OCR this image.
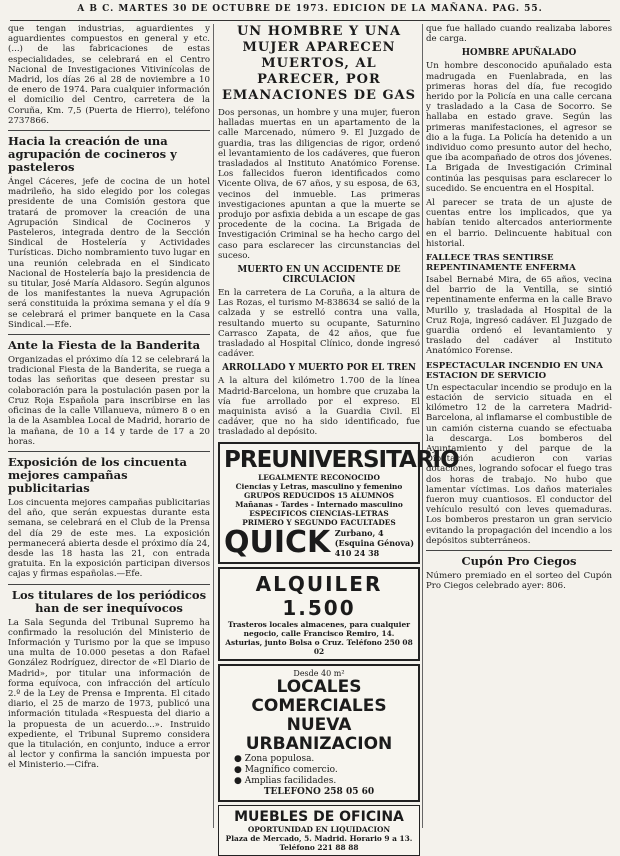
A B C. MARTES 30 DE OCTUBRE DE 1973. EDICION DE LA MAÑANA. PAG. 55.

que tengan industrias, aguardientes y aguardientes compuestos en general y etc. (...) de las fabricaciones de estas especialidades, se celebrará en el Centro Nacional de Investigaciones Vitivinícolas de Madrid, los días 26 al 28 de noviembre a 10 de enero de 1974. Para cualquier información el domicilio del Centro, carretera de la Coruña, Km. 7,5 (Puerta de Hierro), teléfono 2737866.

Hacia la creación de una agrupación de cocineros y pasteleros

Ángel Cáceres, jefe de cocina de un hotel madrileño, ha sido elegido por los colegas presidente de una Comisión gestora que tratará de promover la creación de una Agrupación Sindical de Cocineros y Pasteleros, integrada dentro de la Sección Sindical de Hostelería y Actividades Turísticas. Dicho nombramiento tuvo lugar en una reunión celebrada en el Sindicato Nacional de Hostelería bajo la presidencia de su titular, José María Aldasoro. Según algunos de los manifestantes la nueva Agrupación será constituida la próxima semana y el día 9 se celebrará el primer banquete en la Casa Sindical.—Efe.

Ante la Fiesta de la Banderita

Organizadas el próximo día 12 se celebrará la tradicional Fiesta de la Banderita, se ruega a todas las señoritas que deseen prestar su colaboración para la postulación pasen por la Cruz Roja Española para inscribirse en las oficinas de la calle Villanueva, número 8 o en la de la Asamblea Local de Madrid, horario de la mañana, de 10 a 14 y tarde de 17 a 20 horas.

Exposición de los cincuenta mejores campañas publicitarias

Los cincuenta mejores campañas publicitarias del año, que serán expuestas durante esta semana, se celebrará en el Club de la Prensa del día 29 de este mes. La exposición permanecerá abierta desde el próximo día 24, desde las 18 hasta las 21, con entrada gratuita. En la exposición participan diversos cajas y firmas españolas.—Efe.

Los titulares de los periódicos han de ser inequívocos

La Sala Segunda del Tribunal Supremo ha confirmado la resolución del Ministerio de Información y Turismo por la que se impuso una multa de 10.000 pesetas a don Rafael González Rodríguez, director de «El Diario de Madrid», por titular una información de forma equívoca, con infracción del artículo 2.º de la Ley de Prensa e Imprenta. El citado diario, el 25 de marzo de 1973, publicó una información titulada «Respuesta del diario a la propuesta de un acuerdo...». Instruido expediente, el Tribunal Supremo considera que la titulación, en conjunto, induce a error al lector y confirma la sanción impuesta por el Ministerio.—Cifra.

UN HOMBRE Y UNA MUJER APARECEN MUERTOS, AL PARECER, POR EMANACIONES DE GAS

Dos personas, un hombre y una mujer, fueron halladas muertas en un apartamento de la calle Marcenado, número 9. El Juzgado de guardia, tras las diligencias de rigor, ordenó el levantamiento de los cadáveres, que fueron trasladados al Instituto Anatómico Forense. Los fallecidos fueron identificados como Vicente Oliva, de 67 años, y su esposa, de 63, vecinos del inmueble. Las primeras investigaciones apuntan a que la muerte se produjo por asfixia debida a un escape de gas procedente de la cocina. La Brigada de Investigación Criminal se ha hecho cargo del caso para esclarecer las circunstancias del suceso.

MUERTO EN UN ACCIDENTE DE CIRCULACION

En la carretera de La Coruña, a la altura de Las Rozas, el turismo M-838634 se salió de la calzada y se estrelló contra una valla, resultando muerto su ocupante, Saturnino Carrasco Zapata, de 42 años, que fue trasladado al Hospital Clínico, donde ingresó cadáver.

ARROLLADO Y MUERTO POR EL TREN

A la altura del kilómetro 1.700 de la línea Madrid-Barcelona, un hombre que cruzaba la vía fue arrollado por el expreso. El maquinista avisó a la Guardia Civil. El cadáver, que no ha sido identificado, fue trasladado al depósito.

PREUNIVERSITARIO
LEGALMENTE RECONOCIDO
Ciencias y Letras, masculino y femenino
GRUPOS REDUCIDOS 15 ALUMNOS
Mañanas - Tardes - Internado masculino
ESPECIFICOS CIENCIAS-LETRAS
PRIMERO Y SEGUNDO FACULTADES
QUICK Zurbano, 4
(Esquina Génova)
410 24 38
ALQUILER 1.500
Trasteros locales almacenes, para cualquier negocio, calle Francisco Remiro, 14. Asturias, junto Bolsa o Cruz. Teléfono 250 08 02
Desde 40 m²
LOCALES COMERCIALES NUEVA URBANIZACION
● Zona populosa.
● Magnífico comercio.
● Amplias facilidades.
TELEFONO 258 05 60
MUEBLES DE OFICINA
OPORTUNIDAD EN LIQUIDACION
Plaza de Mercado, 5. Madrid. Horario 9 a 13.
Teléfono 221 88 88

que fue hallado cuando realizaba labores de carga.

HOMBRE APUÑALADO

Un hombre desconocido apuñalado esta madrugada en Fuenlabrada, en las primeras horas del día, fue recogido herido por la Policía en una calle cercana y trasladado a la Casa de Socorro. Se hallaba en estado grave. Según las primeras manifestaciones, el agresor se dio a la fuga. La Policía ha detenido a un individuo como presunto autor del hecho, que iba acompañado de otros dos jóvenes. La Brigada de Investigación Criminal continúa las pesquisas para esclarecer lo sucedido. Se encuentra en el Hospital.

Al parecer se trata de un ajuste de cuentas entre los implicados, que ya habían tenido altercados anteriormente en el barrio. Delincuente habitual con historial.

FALLECE TRAS SENTIRSE REPENTINAMENTE ENFERMA

Isabel Bernabé Mira, de 65 años, vecina del barrio de la Ventilla, se sintió repentinamente enferma en la calle Bravo Murillo y, trasladada al Hospital de la Cruz Roja, ingresó cadáver. El Juzgado de guardia ordenó el levantamiento y traslado del cadáver al Instituto Anatómico Forense.

ESPECTACULAR INCENDIO EN UNA ESTACION DE SERVICIO

Un espectacular incendio se produjo en la estación de servicio situada en el kilómetro 12 de la carretera Madrid-Barcelona, al inflamarse el combustible de un camión cisterna cuando se efectuaba la descarga. Los bomberos del Ayuntamiento y del parque de la Diputación acudieron con varias dotaciones, logrando sofocar el fuego tras dos horas de trabajo. No hubo que lamentar víctimas. Los daños materiales fueron muy cuantiosos. El conductor del vehículo resultó con leves quemaduras. Los bomberos prestaron un gran servicio evitando la propagación del incendio a los depósitos subterráneos.

Cupón Pro Ciegos

Número premiado en el sorteo del Cupón Pro Ciegos celebrado ayer: 806.
